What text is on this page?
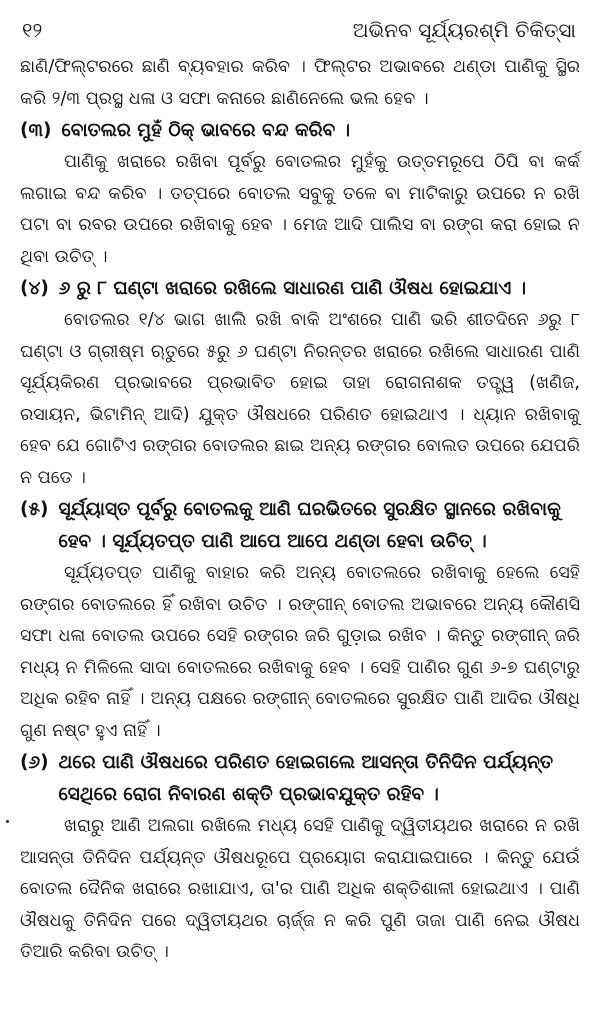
୧୨	ଅଭିନବ ସୂର୍ଯ୍ୟରଶ୍ମି ଚିକିତ୍ସା

ଛାଣି/ଫିଲ୍ଟରରେ ଛାଣି ବ୍ୟବହାର କରିବ । ଫିଲ୍ଟର ଅଭାବରେ ଥଣ୍ଡା ପାଣିକୁ ସ୍ଥିର କରି ୨/୩ ପ୍ରସ୍ଥ ଧଳା ଓ ସଫା କନାରେ ଛାଣିନେଲେ ଭଲ ହେବ ।

(୩) ବୋତଲର ମୁହଁ ଠିକ୍ ଭାବରେ ବନ୍ଦ କରିବ ।

ପାଣିକୁ ଖରାରେ ରଖିବା ପୂର୍ବରୁ ବୋତଲର ମୁହଁକୁ ଉତ୍ତମରୂପେ ଠିପି ବା କର୍କ ଲଗାଇ ବନ୍ଦ କରିବ । ତତ୍ପରେ ବୋତଲ ସବୁକୁ ତଳେ ବା ମାଟିକାରୁ ଉପରେ ନ ରଖି ପଟା ବା ରବର ଉପରେ ରଖିବାକୁ ହେବ । ମେଜ ଆଦି ପାଲିସ ବା ରଙ୍ଗ କରା ହୋଇ ନ ଥିବା ଉଚିତ୍ ।

(୪) ୬ ରୁ ୮ ଘଣ୍ଟା ଖରାରେ ରଖିଲେ ସାଧାରଣ ପାଣି ଔଷଧ ହୋଇଯାଏ ।

ବୋତଲର ୧/୪ ଭାଗ ଖାଲି ରଖି ବାକି ଅଂଶରେ ପାଣି ଭରି ଶୀତଦିନେ ୬ରୁ ୮ ଘଣ୍ଟା ଓ ଗ୍ରୀଷ୍ମ ଋତୁରେ ୫ରୁ ୬ ଘଣ୍ଟା ନିରନ୍ତର ଖରାରେ ରଖିଲେ ସାଧାରଣ ପାଣି ସୂର୍ଯ୍ୟକିରଣ ପ୍ରଭାବରେ ପ୍ରଭାବିତ ହୋଇ ତାହା ରୋଗନାଶକ ତତ୍ତ୍ୱ (ଖଣିଜ, ରସାୟନ, ଭିଟାମିନ୍ ଆଦି) ଯୁକ୍ତ ଔଷଧରେ ପରିଣତ ହୋଇଥାଏ । ଧ୍ୟାନ ରଖିବାକୁ ହେବ ଯେ ଗୋଟିଏ ରଙ୍ଗର ବୋତଲର ଛାଇ ଅନ୍ୟ ରଙ୍ଗର ବୋଲତ ଉପରେ ଯେପରି ନ ପଡେ ।

(୫) ସୂର୍ଯ୍ୟାସ୍ତ ପୂର୍ବରୁ ବୋତଲକୁ ଆଣି ଘରଭିତରେ ସୁରକ୍ଷିତ ସ୍ଥାନରେ ରଖିବାକୁ ହେବ । ସୂର୍ଯ୍ୟତପ୍ତ ପାଣି ଆପେ ଆପେ ଥଣ୍ଡା ହେବା ଉଚିତ୍ ।

ସୂର୍ଯ୍ୟତପ୍ତ ପାଣିକୁ ବାହାର କରି ଅନ୍ୟ ବୋତଲରେ ରଖିବାକୁ ହେଲେ ସେହି ରଙ୍ଗର ବୋତଲରେ ହିଁ ରଖିବା ଉଚିତ । ରଙ୍ଗୀନ୍ ବୋତଲ ଅଭାବରେ ଅନ୍ୟ କୌଣସି ସଫା ଧଳା ବୋତଲ ଉପରେ ସେହି ରଙ୍ଗର ଜରି ଗୁଡ଼ାଇ ରଖିବ । କିନ୍ତୁ ରଙ୍ଗୀନ୍ ଜରି ମଧ୍ୟ ନ ମିଳିଲେ ସାଦା ବୋତଲରେ ରଖିବାକୁ ହେବ । ସେହି ପାଣିର ଗୁଣ ୬-୭ ଘଣ୍ଟାରୁ ଅଧିକ ରହିବ ନାହିଁ । ଅନ୍ୟ ପକ୍ଷରେ ରଙ୍ଗୀନ୍ ବୋତଲରେ ସୁରକ୍ଷିତ ପାଣି ଆଦିର ଔଷଧି ଗୁଣ ନଷ୍ଟ ହୁଏ ନାହିଁ ।

(୬) ଥରେ ପାଣି ଔଷଧରେ ପରିଣତ ହୋଇଗଲେ ଆସନ୍ତା ତିନିଦିନ ପର୍ଯ୍ୟନ୍ତ ସେଥିରେ ରୋଗ ନିବାରଣ ଶକ୍ତି ପ୍ରଭାବଯୁକ୍ତ ରହିବ ।

ଖରାରୁ ଆଣି ଅଲଗା ରଖିଲେ ମଧ୍ୟ ସେହି ପାଣିକୁ ଦ୍ୱିତୀୟଥର ଖରାରେ ନ ରଖି ଆସନ୍ତା ତିନିଦିନ ପର୍ଯ୍ୟନ୍ତ ଔଷଧରୂପେ ପ୍ରୟୋଗ କରାଯାଇପାରେ । କିନ୍ତୁ ଯେଉଁ ବୋତଲ ଦୈନିକ ଖରାରେ ରଖାଯାଏ, ତା'ର ପାଣି ଅଧିକ ଶକ୍ତିଶାଳୀ ହୋଇଥାଏ । ପାଣି ଔଷଧକୁ ତିନିଦିନ ପରେ ଦ୍ୱିତୀୟଥର ଚାର୍ଜ୍ଜ ନ କରି ପୁଣି ତାଜା ପାଣି ନେଇ ଔଷଧ ତିଆରି କରିବା ଉଚିତ୍ ।
